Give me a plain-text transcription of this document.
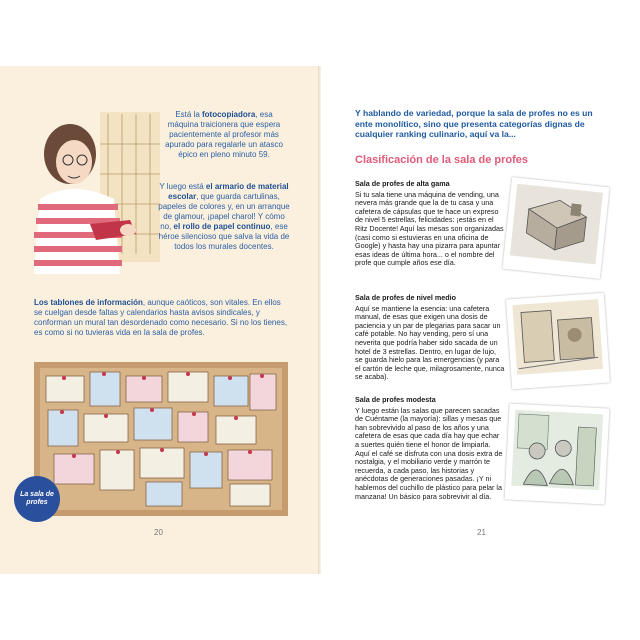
Está la fotocopiadora, esa máquina traicionera que espera pacientemente al profesor más apurado para regalarle un atasco épico en pleno minuto 59.
Y luego está el armario de material escolar, que guarda cartulinas, papeles de colores y, en un arranque de glamour, ¡papel charol! Y cómo no, el rollo de papel continuo, ese héroe silencioso que salva la vida de todos los murales docentes.
Los tablones de información, aunque caóticos, son vitales. En ellos se cuelgan desde faltas y calendarios hasta avisos sindicales, y conforman un mural tan desordenado como necesario. Si no los tienes, es como si no tuvieras vida en la sala de profes.
La sala de profes
20
Y hablando de variedad, porque la sala de profes no es un ente monolítico, sino que presenta categorías dignas de cualquier ranking culinario, aquí va la...
Clasificación de la sala de profes
Sala de profes de alta gama
Si tu sala tiene una máquina de vending, una nevera más grande que la de tu casa y una cafetera de cápsulas que te hace un expreso de nivel 5 estrellas, felicidades: ¡estás en el Ritz Docente! Aquí las mesas son organizadas (casi como si estuvieras en una oficina de Google) y hasta hay una pizarra para apuntar esas ideas de última hora... o el nombre del profe que cumple años ese día.
Sala de profes de nivel medio
Aquí se mantiene la esencia: una cafetera manual, de esas que exigen una dosis de paciencia y un par de plegarias para sacar un café potable. No hay vending, pero sí una neverita que podría haber sido sacada de un hotel de 3 estrellas. Dentro, en lugar de lujo, se guarda hielo para las emergencias (y para el cartón de leche que, milagrosamente, nunca se acaba).
Sala de profes modesta
Y luego están las salas que parecen sacadas de Cuéntame (la mayoría): sillas y mesas que han sobrevivido al paso de los años y una cafetera de esas que cada día hay que echar a suertes quién tiene el honor de limpiarla. Aquí el café se disfruta con una dosis extra de nostalgia, y el mobiliario verde y marrón te recuerda, a cada paso, las historias y anécdotas de generaciones pasadas. ¡Y ni hablemos del cuchillo de plástico para pelar la manzana! Un básico para sobrevivir al día.
21
